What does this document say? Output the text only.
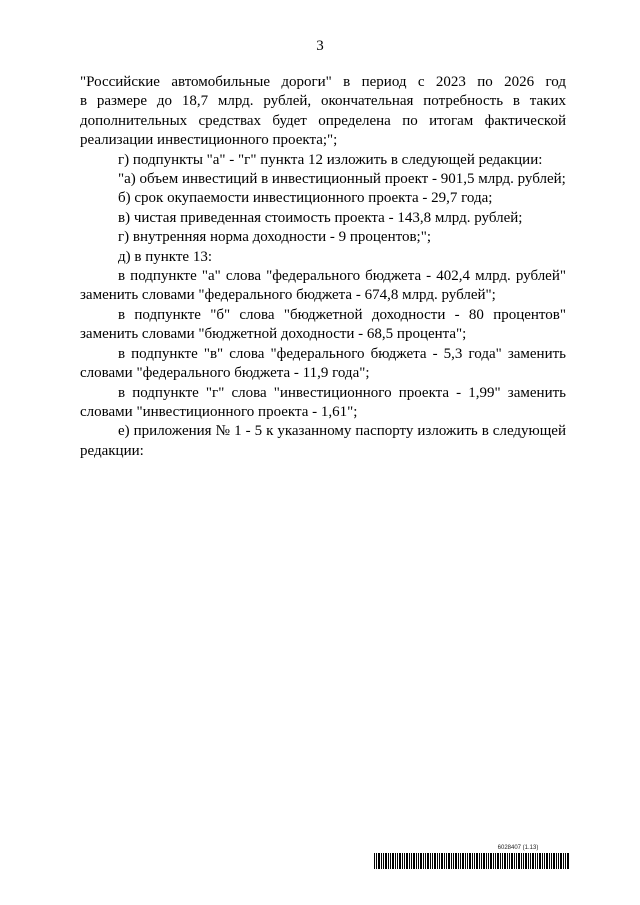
3
"Российские автомобильные дороги" в период с 2023 по 2026 год
в размере до 18,7 млрд. рублей, окончательная потребность в таких
дополнительных средствах будет определена по итогам фактической
реализации инвестиционного проекта;";
г) подпункты "а" - "г" пункта 12 изложить в следующей редакции:
"а) объем инвестиций в инвестиционный проект - 901,5 млрд. рублей;
б) срок окупаемости инвестиционного проекта - 29,7 года;
в) чистая приведенная стоимость проекта - 143,8 млрд. рублей;
г) внутренняя норма доходности - 9 процентов;";
д) в пункте 13:
в подпункте "а" слова "федерального бюджета - 402,4 млрд. рублей"
заменить словами "федерального бюджета - 674,8 млрд. рублей";
в подпункте "б" слова "бюджетной доходности - 80 процентов"
заменить словами "бюджетной доходности - 68,5 процента";
в подпункте "в" слова "федерального бюджета - 5,3 года" заменить
словами "федерального бюджета - 11,9 года";
в подпункте "г" слова "инвестиционного проекта - 1,99" заменить
словами "инвестиционного проекта - 1,61";
е) приложения № 1 - 5 к указанному паспорту изложить в следующей
редакции:
6028407 (1.13)
